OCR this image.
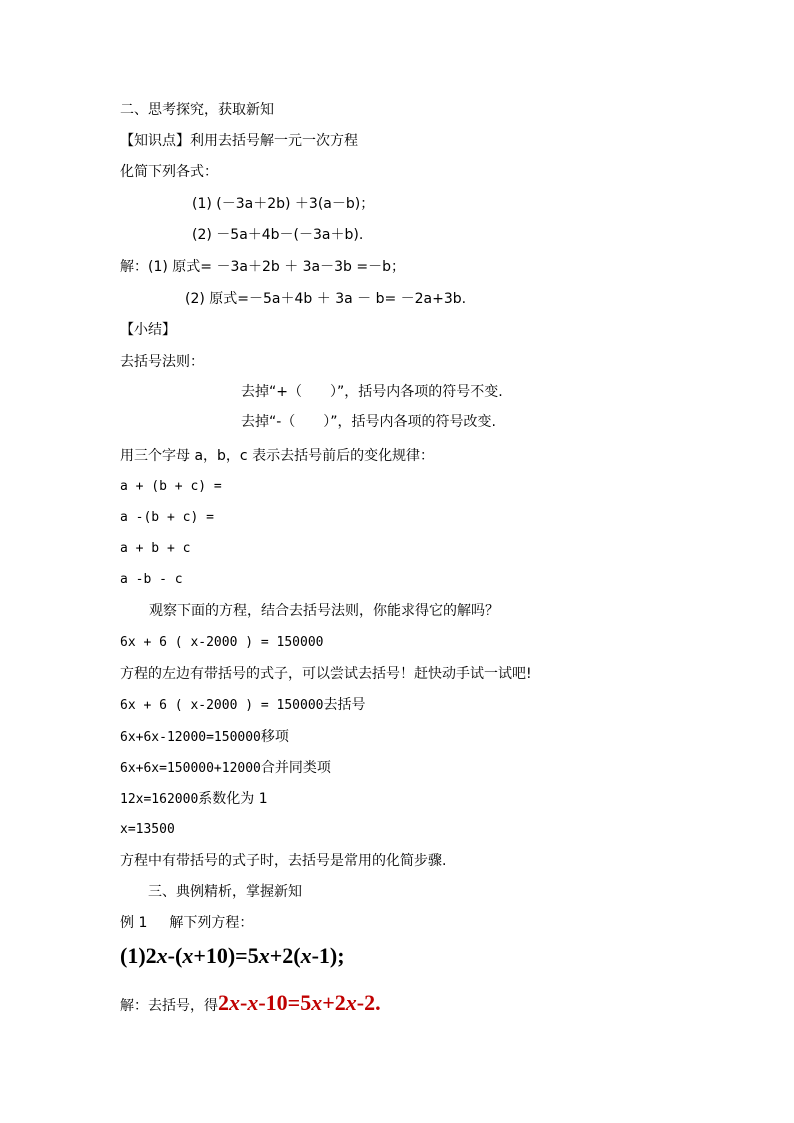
二、思考探究，获取新知
【知识点】利用去括号解一元一次方程
化简下列各式：
(1) (－3a＋2b) ＋3(a－b)；
(2) －5a＋4b－(－3a＋b).
解：(1) 原式= －3a＋2b ＋ 3a－3b =－b；
(2) 原式=－5a＋4b ＋ 3a － b= －2a+3b.
【小结】
去括号法则：
去掉“+（　　）”，括号内各项的符号不变.
去掉“-（　　）”，括号内各项的符号改变.
用三个字母 a，b，c 表示去括号前后的变化规律：
a + (b + c) =
a -(b + c) =
a + b + c
a -b - c
观察下面的方程，结合去括号法则，你能求得它的解吗？
6x + 6 ( x-2000 ) = 150000
方程的左边有带括号的式子，可以尝试去括号！赶快动手试一试吧!
6x + 6 ( x-2000 ) = 150000去括号
6x+6x-12000=150000移项
6x+6x=150000+12000合并同类项
12x=162000系数化为 1
x=13500
方程中有带括号的式子时，去括号是常用的化简步骤.
三、典例精析，掌握新知
例 1 解下列方程：
(1)2x-(x+10)=5x+2(x-1);
解：去括号，得2x-x-10=5x+2x-2.
